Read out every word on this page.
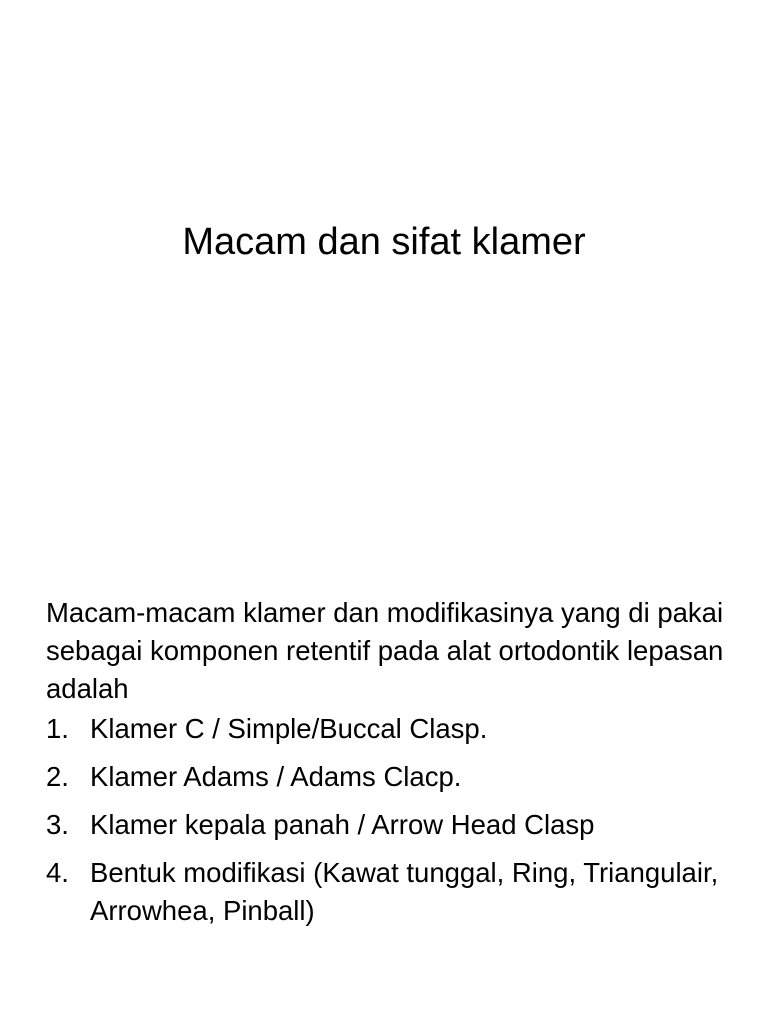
Macam dan sifat klamer

Macam-macam klamer dan modifikasinya yang di pakai sebagai komponen retentif pada alat ortodontik lepasan adalah

1. Klamer C / Simple/Buccal Clasp.
2. Klamer Adams / Adams Clacp.
3. Klamer kepala panah / Arrow Head Clasp
4. Bentuk modifikasi (Kawat tunggal, Ring, Triangulair, Arrowhea, Pinball)
